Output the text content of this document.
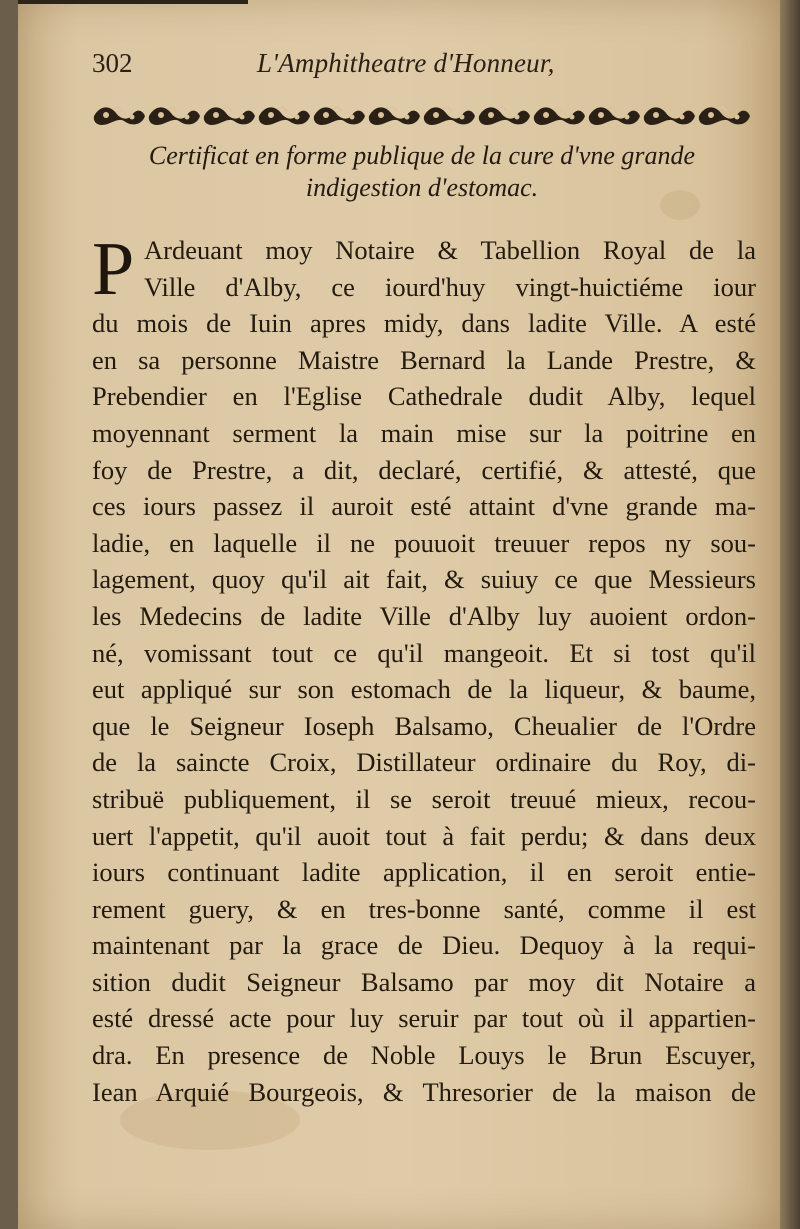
302	L'Amphitheatre d'Honneur,
Certificat en forme publique de la cure d'vne grande
indigestion d'estomac.
P Ardeuant moy Notaire & Tabellion Royal de la
Ville d'Alby, ce iourd'huy vingt-huictiéme iour
du mois de Iuin apres midy, dans ladite Ville. A esté
en sa personne Maistre Bernard la Lande Prestre, &
Prebendier en l'Eglise Cathedrale dudit Alby, lequel
moyennant serment la main mise sur la poitrine en
foy de Prestre, a dit, declaré, certifié, & attesté, que
ces iours passez il auroit esté attaint d'vne grande ma-
ladie, en laquelle il ne pouuoit treuuer repos ny sou-
lagement, quoy qu'il ait fait, & suiuy ce que Messieurs
les Medecins de ladite Ville d'Alby luy auoient ordon-
né, vomissant tout ce qu'il mangeoit. Et si tost qu'il
eut appliqué sur son estomach de la liqueur, & baume,
que le Seigneur Ioseph Balsamo, Cheualier de l'Ordre
de la saincte Croix, Distillateur ordinaire du Roy, di-
stribuë publiquement, il se seroit treuué mieux, recou-
uert l'appetit, qu'il auoit tout à fait perdu; & dans deux
iours continuant ladite application, il en seroit entie-
rement guery, & en tres-bonne santé, comme il est
maintenant par la grace de Dieu. Dequoy à la requi-
sition dudit Seigneur Balsamo par moy dit Notaire a
esté dressé acte pour luy seruir par tout où il appartien-
dra. En presence de Noble Louys le Brun Escuyer,
Iean Arquié Bourgeois, & Thresorier de la maison de
